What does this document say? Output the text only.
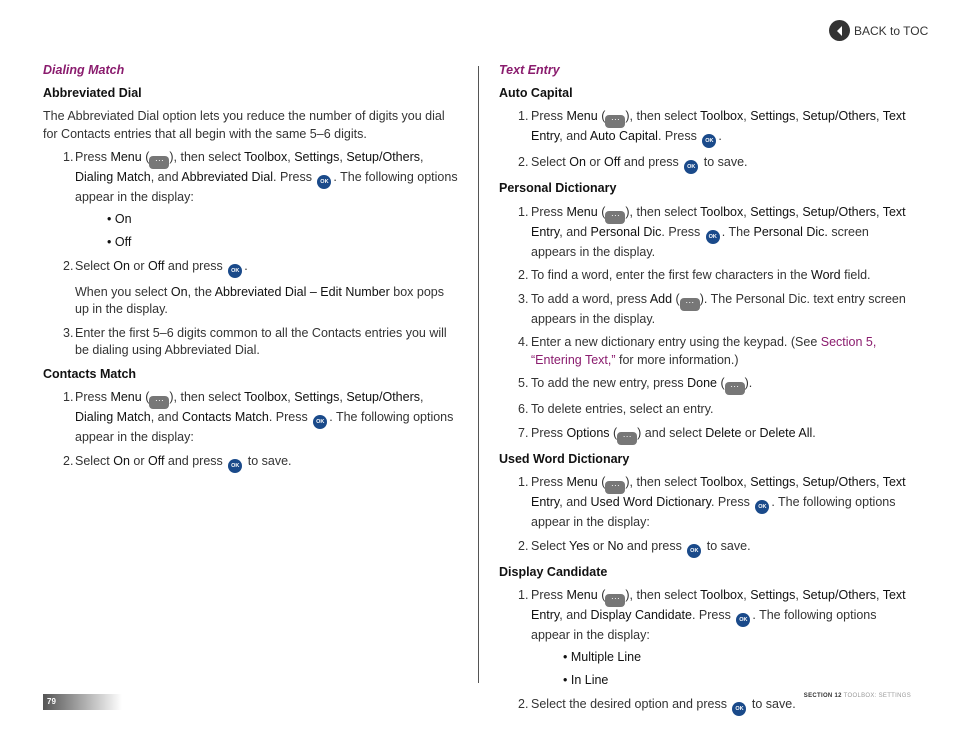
BACK to TOC
Dialing Match
Abbreviated Dial

The Abbreviated Dial option lets you reduce the number of digits you dial for Contacts entries that all begin with the same 5–6 digits.

1. Press Menu ( ··· ), then select Toolbox, Settings, Setup/Others, Dialing Match, and Abbreviated Dial. Press OK . The following options appear in the display:
• On
• Off
2. Select On or Off and press OK .

When you select On, the Abbreviated Dial – Edit Number box pops up in the display.

3. Enter the first 5–6 digits common to all the Contacts entries you will be dialing using Abbreviated Dial.
Contacts Match
1. Press Menu ( ··· ), then select Toolbox, Settings, Setup/Others, Dialing Match, and Contacts Match. Press OK . The following options appear in the display:
2. Select On or Off and press OK to save.
Text Entry
Auto Capital
1. Press Menu ( ··· ), then select Toolbox, Settings, Setup/Others, Text Entry, and Auto Capital. Press OK .
2. Select On or Off and press OK to save.
Personal Dictionary
1. Press Menu ( ··· ), then select Toolbox, Settings, Setup/Others, Text Entry, and Personal Dic. Press OK . The Personal Dic. screen appears in the display.
2. To find a word, enter the first few characters in the Word field.
3. To add a word, press Add ( ··· ). The Personal Dic. text entry screen appears in the display.
4. Enter a new dictionary entry using the keypad. (See Section 5,
“Entering Text,” for more information.)
5. To add the new entry, press Done ( ··· ).
6. To delete entries, select an entry.
7. Press Options ( ··· ) and select Delete or Delete All.
Used Word Dictionary
1. Press Menu ( ··· ), then select Toolbox, Settings, Setup/Others, Text Entry, and Used Word Dictionary. Press OK . The following options appear in the display:
2. Select Yes or No and press OK to save.
Display Candidate
1. Press Menu ( ··· ), then select Toolbox, Settings, Setup/Others, Text Entry, and Display Candidate. Press OK . The following options appear in the display:
• Multiple Line
• In Line
2. Select the desired option and press OK to save.
79
SECTION 12 TOOLBOX: SETTINGS
